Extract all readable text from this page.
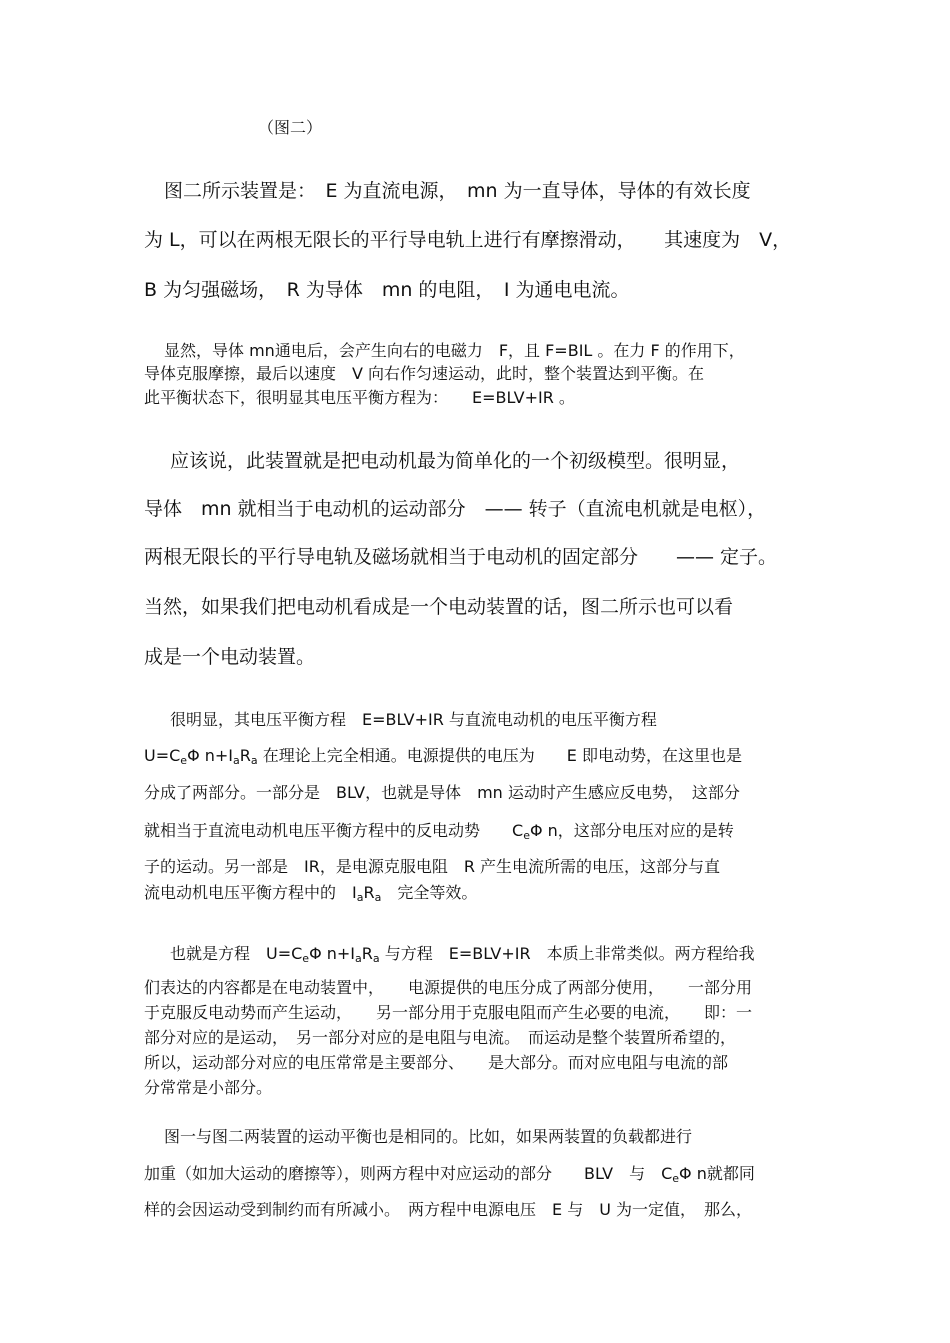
（图二）
图二所示装置是：　E 为直流电源，　mn 为一直导体，导体的有效长度
为 L，可以在两根无限长的平行导电轨上进行有摩擦滑动，　　其速度为　V，
B 为匀强磁场，　R 为导体　mn 的电阻，　I 为通电电流。
显然，导体 mn通电后，会产生向右的电磁力　F，且 F=BIL 。在力 F 的作用下，
导体克服摩擦，最后以速度　V 向右作匀速运动，此时，整个装置达到平衡。在
此平衡状态下，很明显其电压平衡方程为：　　E=BLV+IR 。
应该说，此装置就是把电动机最为简单化的一个初级模型。很明显，
导体　mn 就相当于电动机的运动部分　—— 转子（直流电机就是电枢），
两根无限长的平行导电轨及磁场就相当于电动机的固定部分　　—— 定子。
当然，如果我们把电动机看成是一个电动装置的话，图二所示也可以看
成是一个电动装置。
很明显，其电压平衡方程　E=BLV+IR 与直流电动机的电压平衡方程
$U=C_e\Phi$ $n+I_aR_a$ 在理论上完全相通。电源提供的电压为　　E 即电动势，在这里也是
分成了两部分。一部分是　BLV，也就是导体　mn 运动时产生感应反电势，　这部分
就相当于直流电动机电压平衡方程中的反电动势　　$C_e\Phi$ n，这部分电压对应的是转
子的运动。另一部是　IR，是电源克服电阻　R 产生电流所需的电压，这部分与直
流电动机电压平衡方程中的　$I_aR_a$　完全等效。
也就是方程　$U=C_e\Phi$ $n+I_aR_a$ 与方程　E=BLV+IR　本质上非常类似。两方程给我
们表达的内容都是在电动装置中，　　电源提供的电压分成了两部分使用，　　一部分用
于克服反电动势而产生运动，　　另一部分用于克服电阻而产生必要的电流，　　即：一
部分对应的是运动，　另一部分对应的是电阻与电流。　而运动是整个装置所希望的，
所以，运动部分对应的电压常常是主要部分、　　是大部分。而对应电阻与电流的部
分常常是小部分。
图一与图二两装置的运动平衡也是相同的。比如，如果两装置的负载都进行
加重（如加大运动的磨擦等），则两方程中对应运动的部分　　BLV　与　$C_e\Phi$ n就都同
样的会因运动受到制约而有所减小。　两方程中电源电压　E 与　U 为一定值，　那么，
